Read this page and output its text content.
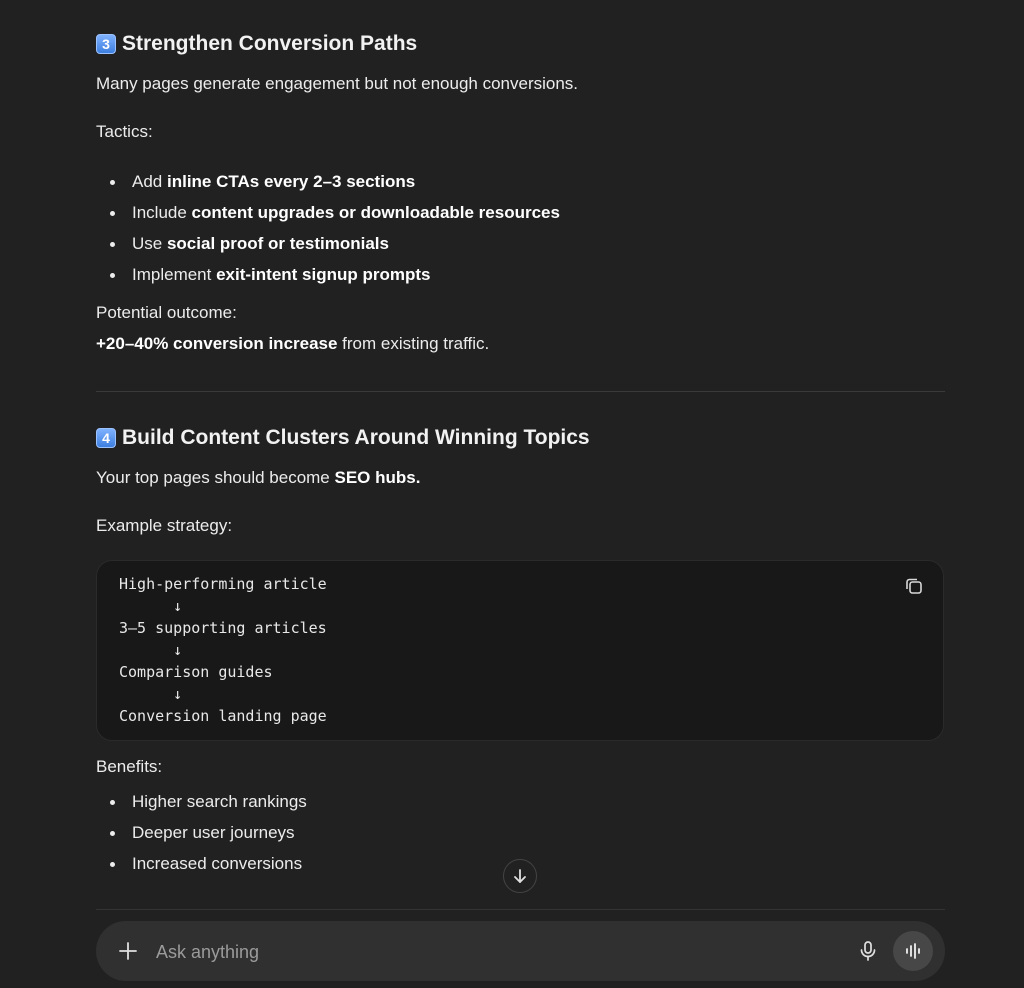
3 Strengthen Conversion Paths
Many pages generate engagement but not enough conversions.
Tactics:
Add inline CTAs every 2–3 sections
Include content upgrades or downloadable resources
Use social proof or testimonials
Implement exit-intent signup prompts
Potential outcome:
+20–40% conversion increase from existing traffic.
4 Build Content Clusters Around Winning Topics
Your top pages should become SEO hubs.
Example strategy:
High-performing article
↓
3–5 supporting articles
↓
Comparison guides
↓
Conversion landing page
Benefits:
Higher search rankings
Deeper user journeys
Increased conversions
Ask anything
